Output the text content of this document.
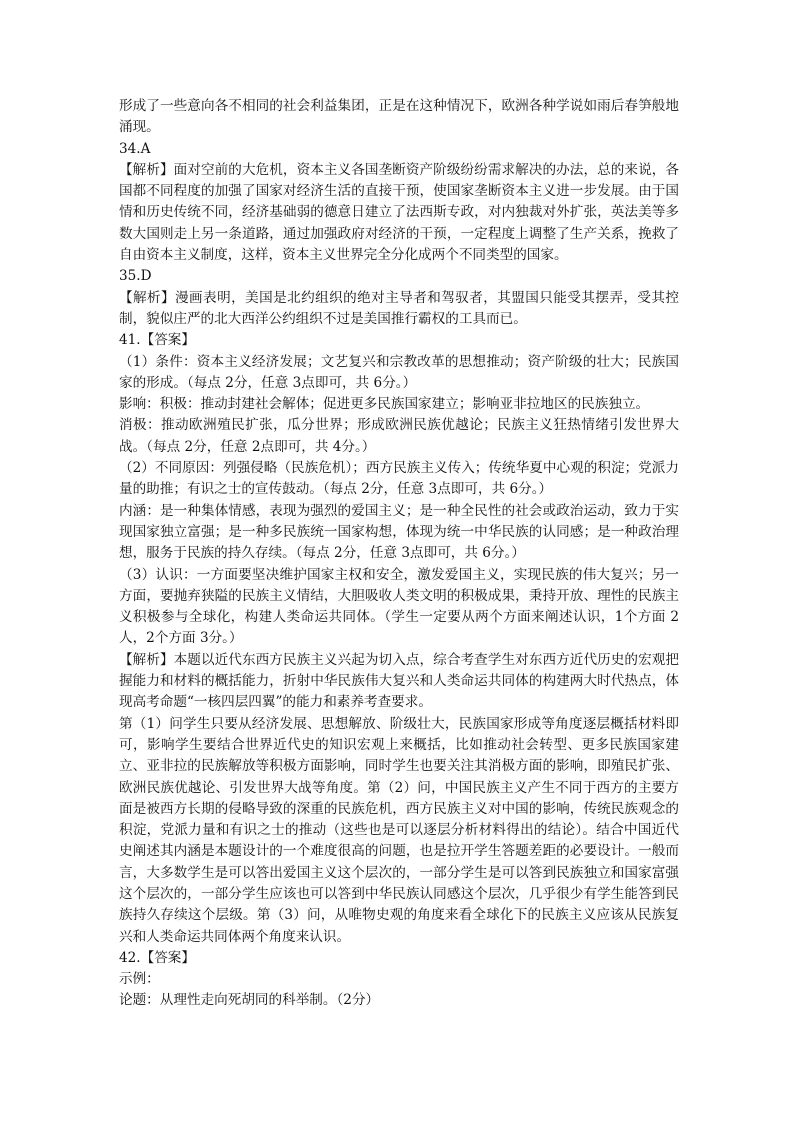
形成了一些意向各不相同的社会利益集团，正是在这种情况下，欧洲各种学说如雨后春笋般地涌现。

34.A

【解析】面对空前的大危机，资本主义各国垄断资产阶级纷纷需求解决的办法，总的来说，各国都不同程度的加强了国家对经济生活的直接干预，使国家垄断资本主义进一步发展。由于国情和历史传统不同，经济基础弱的德意日建立了法西斯专政，对内独裁对外扩张，英法美等多数大国则走上另一条道路，通过加强政府对经济的干预，一定程度上调整了生产关系，挽救了自由资本主义制度，这样，资本主义世界完全分化成两个不同类型的国家。

35.D

【解析】漫画表明，美国是北约组织的绝对主导者和驾驭者，其盟国只能受其摆弄，受其控制，貌似庄严的北大西洋公约组织不过是美国推行霸权的工具而已。

41.【答案】

（1）条件：资本主义经济发展；文艺复兴和宗教改革的思想推动；资产阶级的壮大；民族国家的形成。（每点 2分，任意 3点即可，共 6分。）

影响：积极：推动封建社会解体；促进更多民族国家建立；影响亚非拉地区的民族独立。

消极：推动欧洲殖民扩张，瓜分世界；形成欧洲民族优越论；民族主义狂热情绪引发世界大战。（每点 2分，任意 2点即可，共 4分。）

（2）不同原因：列强侵略（民族危机）；西方民族主义传入；传统华夏中心观的积淀；党派力量的助推；有识之士的宣传鼓动。（每点 2分，任意 3点即可，共 6分。）

内涵：是一种集体情感，表现为强烈的爱国主义；是一种全民性的社会或政治运动，致力于实现国家独立富强；是一种多民族统一国家构想，体现为统一中华民族的认同感；是一种政治理想，服务于民族的持久存续。（每点 2分，任意 3点即可，共 6分。）

（3）认识：一方面要坚决维护国家主权和安全，激发爱国主义，实现民族的伟大复兴；另一方面，要抛弃狭隘的民族主义情结，大胆吸收人类文明的积极成果，秉持开放、理性的民族主义积极参与全球化，构建人类命运共同体。（学生一定要从两个方面来阐述认识，1个方面 2人，2个方面 3分。）

【解析】本题以近代东西方民族主义兴起为切入点，综合考查学生对东西方近代历史的宏观把握能力和材料的概括能力，折射中华民族伟大复兴和人类命运共同体的构建两大时代热点，体现高考命题“一核四层四翼”的能力和素养考查要求。

第（1）问学生只要从经济发展、思想解放、阶级壮大，民族国家形成等角度逐层概括材料即可，影响学生要结合世界近代史的知识宏观上来概括，比如推动社会转型、更多民族国家建立、亚非拉的民族解放等积极方面影响，同时学生也要关注其消极方面的影响，即殖民扩张、欧洲民族优越论、引发世界大战等角度。第（2）问，中国民族主义产生不同于西方的主要方面是被西方长期的侵略导致的深重的民族危机，西方民族主义对中国的影响，传统民族观念的积淀，党派力量和有识之士的推动（这些也是可以逐层分析材料得出的结论）。结合中国近代史阐述其内涵是本题设计的一个难度很高的问题，也是拉开学生答题差距的必要设计。一般而言，大多数学生是可以答出爱国主义这个层次的，一部分学生是可以答到民族独立和国家富强这个层次的，一部分学生应该也可以答到中华民族认同感这个层次，几乎很少有学生能答到民族持久存续这个层级。第（3）问，从唯物史观的角度来看全球化下的民族主义应该从民族复兴和人类命运共同体两个角度来认识。

42.【答案】

示例：

论题：从理性走向死胡同的科举制。（2分）
